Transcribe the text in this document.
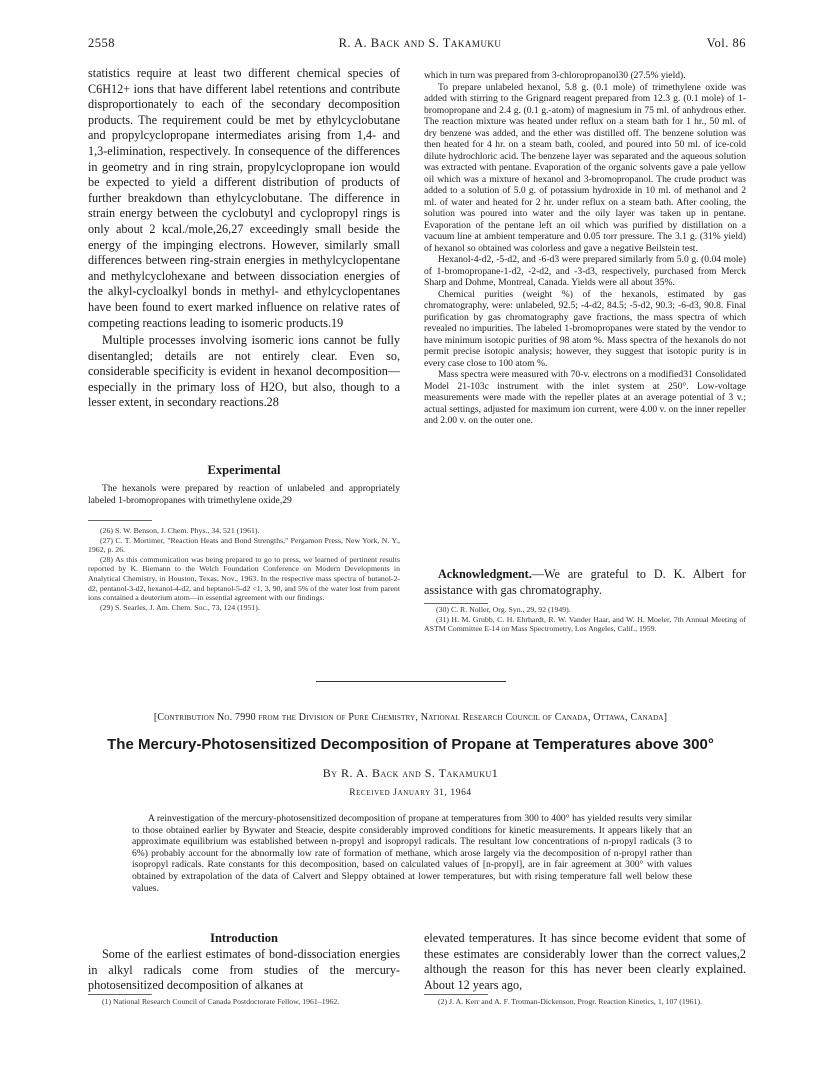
2558	R. A. Back and S. Takamuku	Vol. 86

statistics require at least two different chemical species of C6H12+ ions that have different label retentions and contribute disproportionately to each of the secondary decomposition products. The requirement could be met by ethylcyclobutane and propylcyclopropane intermediates arising from 1,4- and 1,3-elimination, respectively. In consequence of the differences in geometry and in ring strain, propylcyclopropane ion would be expected to yield a different distribution of products of further breakdown than ethylcyclobutane. The difference in strain energy between the cyclobutyl and cyclopropyl rings is only about 2 kcal./mole,26,27 exceedingly small beside the energy of the impinging electrons. However, similarly small differences between ring-strain energies in methylcyclopentane and methylcyclohexane and between dissociation energies of the alkyl-cycloalkyl bonds in methyl- and ethylcyclopentanes have been found to exert marked influence on relative rates of competing reactions leading to isomeric products.19

Multiple processes involving isomeric ions cannot be fully disentangled; details are not entirely clear. Even so, considerable specificity is evident in hexanol decomposition—especially in the primary loss of H2O, but also, though to a lesser extent, in secondary reactions.28

Experimental
The hexanols were prepared by reaction of unlabeled and appropriately labeled 1-bromopropanes with trimethylene oxide,29

(26) S. W. Benson, J. Chem. Phys., 34, 521 (1961).

(27) C. T. Mortimer, "Reaction Heats and Bond Strengths," Pergamon Press, New York, N. Y., 1962, p. 26.

(28) As this communication was being prepared to go to press, we learned of pertinent results reported by K. Biemann to the Welch Foundation Conference on Modern Developments in Analytical Chemistry, in Houston, Texas, Nov., 1963. In the respective mass spectra of butanol-2-d2, pentanol-3-d2, hexanol-4-d2, and heptanol-5-d2 <1, 3, 90, and 5% of the water lost from parent ions contained a deuterium atom—in essential agreement with our findings.

(29) S. Searles, J. Am. Chem. Soc., 73, 124 (1951).

which in turn was prepared from 3-chloropropanol30 (27.5% yield).

To prepare unlabeled hexanol, 5.8 g. (0.1 mole) of trimethylene oxide was added with stirring to the Grignard reagent prepared from 12.3 g. (0.1 mole) of 1-bromopropane and 2.4 g. (0.1 g.-atom) of magnesium in 75 ml. of anhydrous ether. The reaction mixture was heated under reflux on a steam bath for 1 hr., 50 ml. of dry benzene was added, and the ether was distilled off. The benzene solution was then heated for 4 hr. on a steam bath, cooled, and poured into 50 ml. of ice-cold dilute hydrochloric acid. The benzene layer was separated and the aqueous solution was extracted with pentane. Evaporation of the organic solvents gave a pale yellow oil which was a mixture of hexanol and 3-bromopropanol. The crude product was added to a solution of 5.0 g. of potassium hydroxide in 10 ml. of methanol and 2 ml. of water and heated for 2 hr. under reflux on a steam bath. After cooling, the solution was poured into water and the oily layer was taken up in pentane. Evaporation of the pentane left an oil which was purified by distillation on a vacuum line at ambient temperature and 0.05 torr pressure. The 3.1 g. (31% yield) of hexanol so obtained was colorless and gave a negative Beilstein test.

Hexanol-4-d2, -5-d2, and -6-d3 were prepared similarly from 5.0 g. (0.04 mole) of 1-bromopropane-1-d2, -2-d2, and -3-d3, respectively, purchased from Merck Sharp and Dohme, Montreal, Canada. Yields were all about 35%.

Chemical purities (weight %) of the hexanols, estimated by gas chromatography, were: unlabeled, 92.5; -4-d2, 84.5; -5-d2, 90.3; -6-d3, 90.8. Final purification by gas chromatography gave fractions, the mass spectra of which revealed no impurities. The labeled 1-bromopropanes were stated by the vendor to have minimum isotopic purities of 98 atom %. Mass spectra of the hexanols do not permit precise isotopic analysis; however, they suggest that isotopic purity is in every case close to 100 atom %.

Mass spectra were measured with 70-v. electrons on a modified31 Consolidated Model 21-103c instrument with the inlet system at 250°. Low-voltage measurements were made with the repeller plates at an average potential of 3 v.; actual settings, adjusted for maximum ion current, were 4.00 v. on the inner repeller and 2.00 v. on the outer one.

Acknowledgment.—We are grateful to D. K. Albert for assistance with gas chromatography.

(30) C. R. Noller, Org. Syn., 29, 92 (1949).

(31) H. M. Grubb, C. H. Ehrhardt, R. W. Vander Haar, and W. H. Moeler, 7th Annual Meeting of ASTM Committee E-14 on Mass Spectrometry, Los Angeles, Calif., 1959.

[Contribution No. 7990 from the Division of Pure Chemistry, National Research Council of Canada, Ottawa, Canada]
The Mercury-Photosensitized Decomposition of Propane at Temperatures above 300°
By R. A. Back and S. Takamuku1
Received January 31, 1964
A reinvestigation of the mercury-photosensitized decomposition of propane at temperatures from 300 to 400° has yielded results very similar to those obtained earlier by Bywater and Steacie, despite considerably improved conditions for kinetic measurements. It appears likely that an approximate equilibrium was established between n-propyl and isopropyl radicals. The resultant low concentrations of n-propyl radicals (3 to 6%) probably account for the abnormally low rate of formation of methane, which arose largely via the decomposition of n-propyl rather than isopropyl radicals. Rate constants for this decomposition, based on calculated values of [n-propyl], are in fair agreement at 300° with values obtained by extrapolation of the data of Calvert and Sleppy obtained at lower temperatures, but with rising temperature fall well below these values.
Introduction
Some of the earliest estimates of bond-dissociation energies in alkyl radicals come from studies of the mercury-photosensitized decomposition of alkanes at
(1) National Research Council of Canada Postdoctorate Fellow, 1961–1962.
elevated temperatures. It has since become evident that some of these estimates are considerably lower than the correct values,2 although the reason for this has never been clearly explained. About 12 years ago,
(2) J. A. Kerr and A. F. Trotman-Dickenson, Progr. Reaction Kinetics, 1, 107 (1961).
